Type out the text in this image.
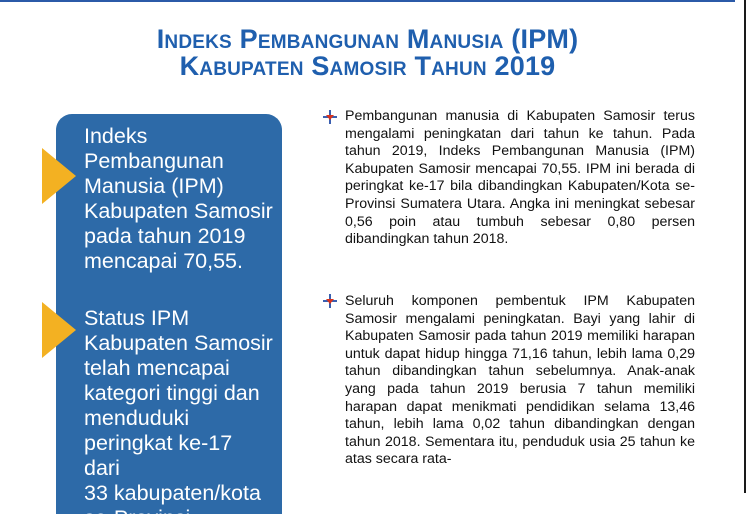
Indeks Pembangunan Manusia (IPM)
Kabupaten Samosir Tahun 2019
Indeks
Pembangunan
Manusia (IPM)
Kabupaten Samosir
pada tahun 2019
mencapai 70,55.
Status IPM
Kabupaten Samosir
telah mencapai
kategori tinggi dan
menduduki
peringkat ke-17 dari
33 kabupaten/kota
se-Provinsi
Pembangunan manusia di Kabupaten Samosir terus mengalami peningkatan dari tahun ke tahun. Pada tahun 2019, Indeks Pembangunan Manusia (IPM) Kabupaten Samosir mencapai 70,55. IPM ini berada di peringkat ke-17 bila dibandingkan Kabupaten/Kota se-Provinsi Sumatera Utara. Angka ini meningkat sebesar 0,56 poin atau tumbuh sebesar 0,80 persen dibandingkan tahun 2018.
Seluruh komponen pembentuk IPM Kabupaten Samosir mengalami peningkatan. Bayi yang lahir di Kabupaten Samosir pada tahun 2019 memiliki harapan untuk dapat hidup hingga 71,16 tahun, lebih lama 0,29 tahun dibandingkan tahun sebelumnya. Anak-anak yang pada tahun 2019 berusia 7 tahun memiliki harapan dapat menikmati pendidikan selama 13,46 tahun, lebih lama 0,02 tahun dibandingkan dengan tahun 2018. Sementara itu, penduduk usia 25 tahun ke atas secara rata-
